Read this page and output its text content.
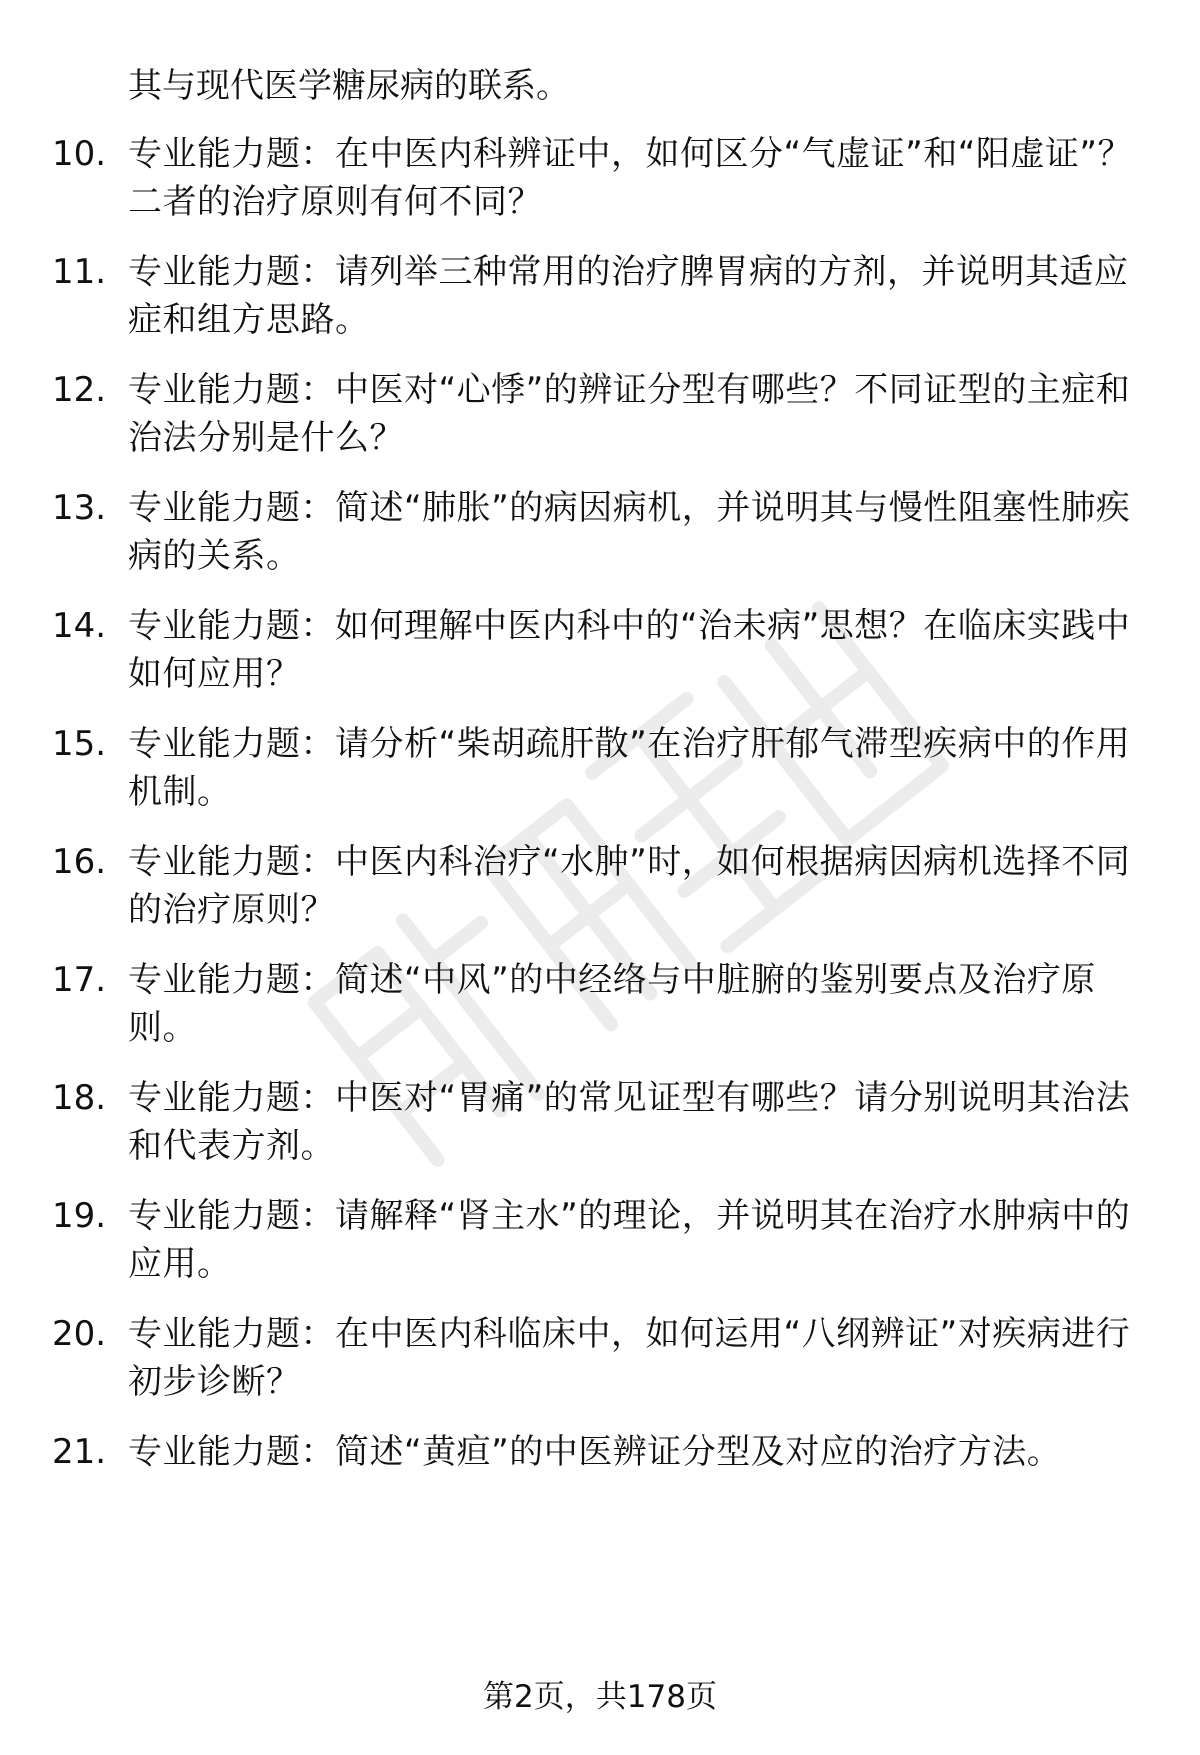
其与现代医学糖尿病的联系。
10. 专业能力题：在中医内科辨证中，如何区分“气虚证”和“阳虚证”？二者的治疗原则有何不同？
11. 专业能力题：请列举三种常用的治疗脾胃病的方剂，并说明其适应症和组方思路。
12. 专业能力题：中医对“心悸”的辨证分型有哪些？不同证型的主症和治法分别是什么？
13. 专业能力题：简述“肺胀”的病因病机，并说明其与慢性阻塞性肺疾病的关系。
14. 专业能力题：如何理解中医内科中的“治未病”思想？在临床实践中如何应用？
15. 专业能力题：请分析“柴胡疏肝散”在治疗肝郁气滞型疾病中的作用机制。
16. 专业能力题：中医内科治疗“水肿”时，如何根据病因病机选择不同的治疗原则？
17. 专业能力题：简述“中风”的中经络与中脏腑的鉴别要点及治疗原则。
18. 专业能力题：中医对“胃痛”的常见证型有哪些？请分别说明其治法和代表方剂。
19. 专业能力题：请解释“肾主水”的理论，并说明其在治疗水肿病中的应用。
20. 专业能力题：在中医内科临床中，如何运用“八纲辨证”对疾病进行初步诊断？
21. 专业能力题：简述“黄疸”的中医辨证分型及对应的治疗方法。
第2页，共178页
